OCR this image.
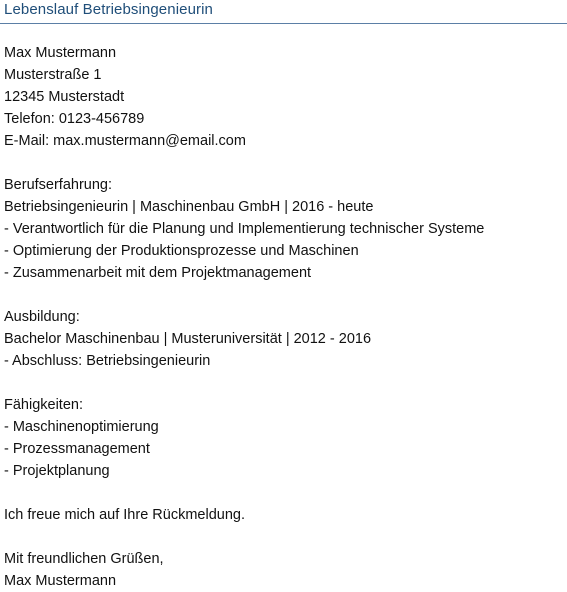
Lebenslauf Betriebsingenieurin
Max Mustermann
Musterstraße 1
12345 Musterstadt
Telefon: 0123-456789
E-Mail: max.mustermann@email.com
Berufserfahrung:
Betriebsingenieurin | Maschinenbau GmbH | 2016 - heute
- Verantwortlich für die Planung und Implementierung technischer Systeme
- Optimierung der Produktionsprozesse und Maschinen
- Zusammenarbeit mit dem Projektmanagement
Ausbildung:
Bachelor Maschinenbau | Musteruniversität | 2012 - 2016
- Abschluss: Betriebsingenieurin
Fähigkeiten:
- Maschinenoptimierung
- Prozessmanagement
- Projektplanung
Ich freue mich auf Ihre Rückmeldung.
Mit freundlichen Grüßen,
Max Mustermann
